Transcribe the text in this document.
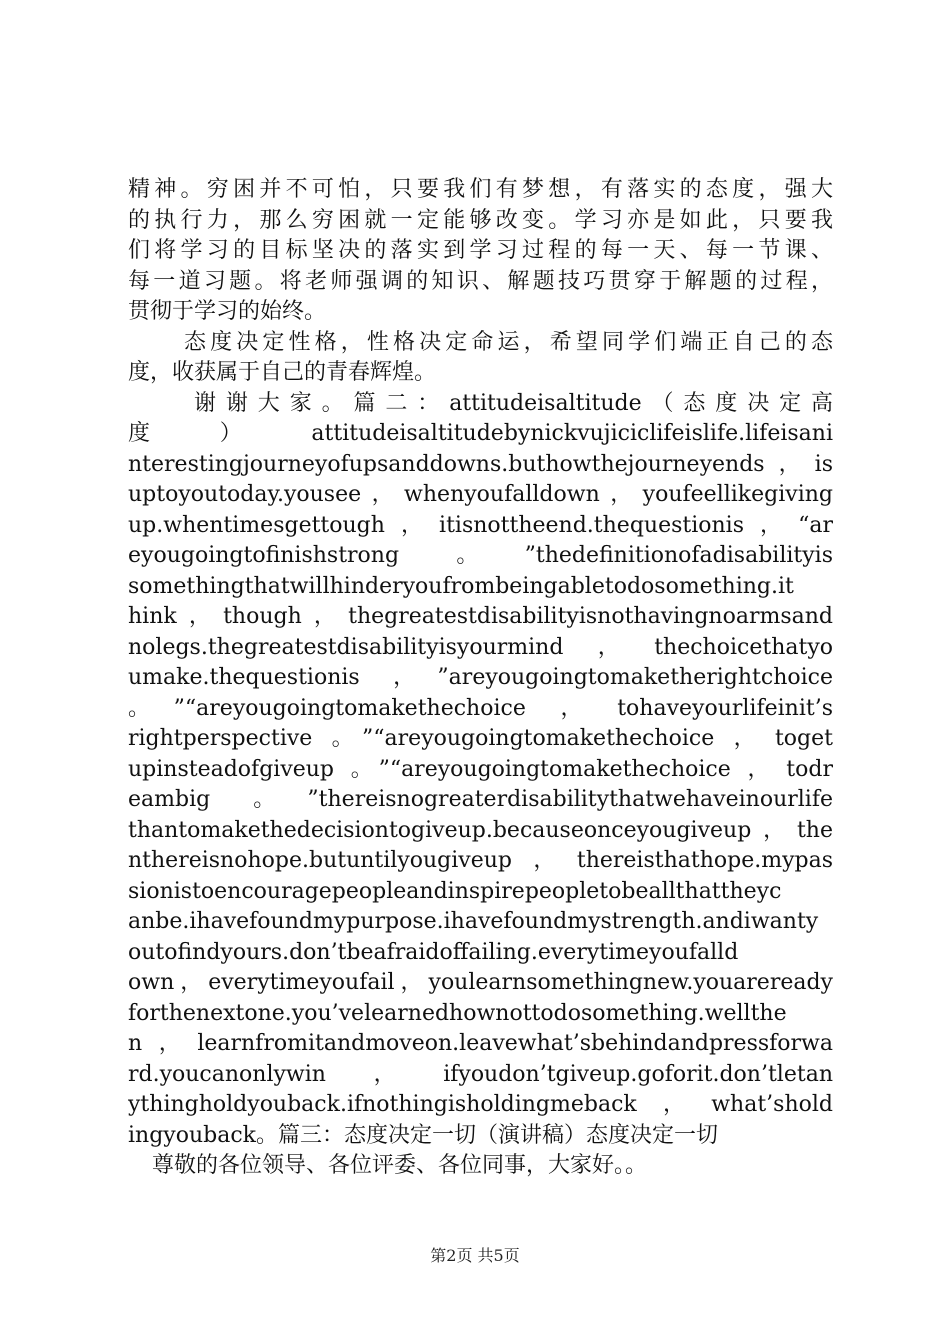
精神。穷困并不可怕，只要我们有梦想，有落实的态度，强大
的执行力，那么穷困就一定能够改变。学习亦是如此，只要我
们将学习的目标坚决的落实到学习过程的每一天、每一节课、
每一道习题。将老师强调的知识、解题技巧贯穿于解题的过程，
贯彻于学习的始终。
态度决定性格，性格决定命运，希望同学们端正自己的态
度，收获属于自己的青春辉煌。
谢谢大家。篇二：attitudeisaltitude（态度决定高
度）attitudeisaltitudebynickvujiciclifeislife.lifeisani
nterestingjourneyofupsanddowns.buthowthejourneyends，is
uptoyoutoday.yousee，whenyoufalldown，youfeellikegiving
up.whentimesgettough，itisnottheend.thequestionis，“ar
eyougoingtofinishstrong。”thedefinitionofadisabilityis
somethingthatwillhinderyoufrombeingabletodosomething.it
hink，though，thegreatestdisabilityisnothavingnoarmsand
nolegs.thegreatestdisabilityisyourmind，thechoicethatyo
umake.thequestionis，”areyougoingtomaketherightchoice
。”“areyougoingtomakethechoice，tohaveyourlifeinit’s
rightperspective。”“areyougoingtomakethechoice，toget
upinsteadofgiveup。”“areyougoingtomakethechoice，todr
eambig。”thereisnogreaterdisabilitythatwehaveinourlife
thantomakethedecisiontogiveup.becauseonceyougiveup，the
nthereisnohope.butuntilyougiveup，thereisthathope.mypas
sionistoencouragepeopleandinspirepeopletobeallthattheyc
anbe.ihavefoundmypurpose.ihavefoundmystrength.andiwanty
outofindyours.don’tbeafraidoffailing.everytimeyoufalld
own，everytimeyoufail，youlearnsomethingnew.youareready
forthenextone.you’velearnedhownottodosomething.wellthe
n，learnfromitandmoveon.leavewhat’sbehindandpressforwa
rd.youcanonlywin，ifyoudon’tgiveup.goforit.don’tletan
ythingholdyouback.ifnothingisholdingmeback，what’shold
ingyouback。篇三：态度决定一切（演讲稿）态度决定一切
尊敬的各位领导、各位评委、各位同事，大家好。。
第2页 共5页
